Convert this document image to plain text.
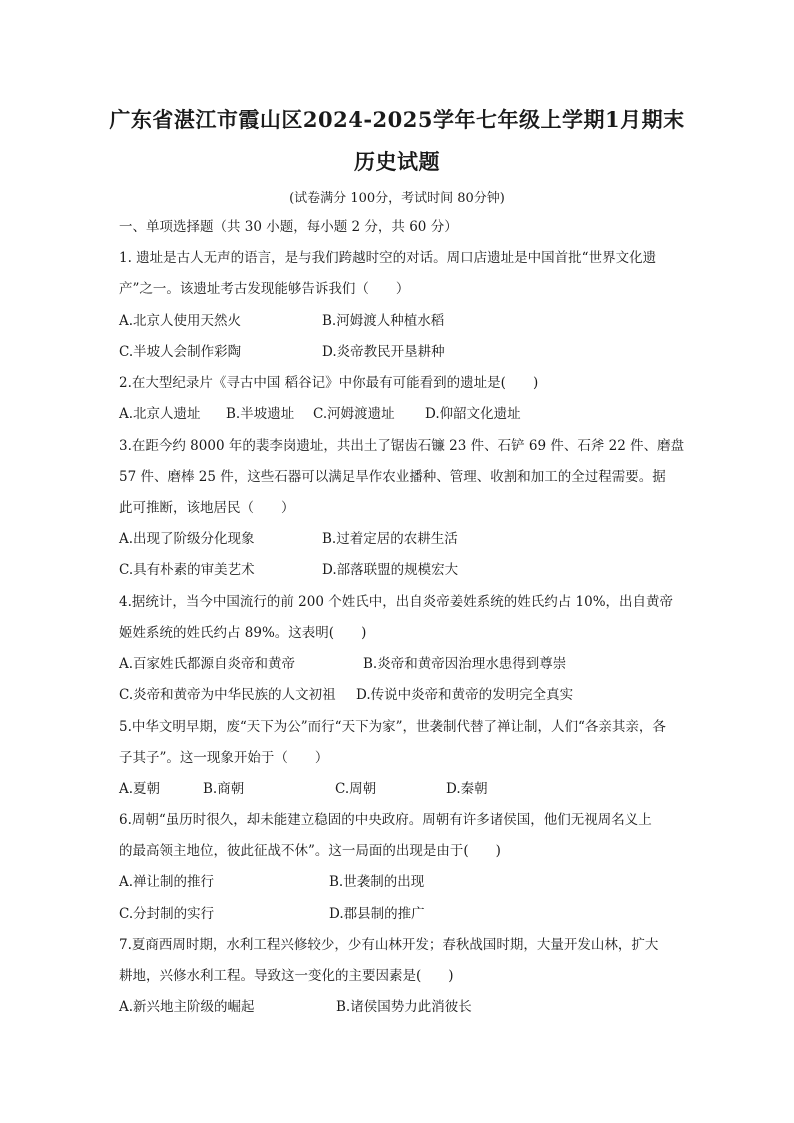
广东省湛江市霞山区2024-2025学年七年级上学期1月期末
历史试题
(试卷满分 100分，考试时间 80分钟)
一、单项选择题（共 30 小题，每小题 2 分，共 60 分）
1. 遗址是古人无声的语言，是与我们跨越时空的对话。周口店遗址是中国首批“世界文化遗
产”之一。该遗址考古发现能够告诉我们（　　）
A.北京人使用天然火	B.河姆渡人种植水稻
C.半坡人会制作彩陶	D.炎帝教民开垦耕种
2.在大型纪录片《寻古中国 稻谷记》中你最有可能看到的遗址是(　　)
A.北京人遗址 B.半坡遗址 C.河姆渡遗址 D.仰韶文化遗址
3.在距今约 8000 年的裴李岗遗址，共出土了锯齿石镰 23 件、石铲 69 件、石斧 22 件、磨盘
57 件、磨棒 25 件，这些石器可以满足旱作农业播种、管理、收割和加工的全过程需要。据
此可推断，该地居民（　　）
A.出现了阶级分化现象	B.过着定居的农耕生活
C.具有朴素的审美艺术	D.部落联盟的规模宏大
4.据统计，当今中国流行的前 200 个姓氏中，出自炎帝姜姓系统的姓氏约占 10%，出自黄帝
姬姓系统的姓氏约占 89%。这表明(　　)
A.百家姓氏都源自炎帝和黄帝	B.炎帝和黄帝因治理水患得到尊崇
C.炎帝和黄帝为中华民族的人文初祖 D.传说中炎帝和黄帝的发明完全真实
5.中华文明早期，废“天下为公”而行“天下为家”，世袭制代替了禅让制，人们“各亲其亲，各
子其子”。这一现象开始于（　　）
A.夏朝	B.商朝	C.周朝	D.秦朝
6.周朝“虽历时很久，却未能建立稳固的中央政府。周朝有许多诸侯国，他们无视周名义上
的最高领主地位，彼此征战不休”。这一局面的出现是由于(　　)
A.禅让制的推行	B.世袭制的出现
C.分封制的实行	D.郡县制的推广
7.夏商西周时期，水利工程兴修较少，少有山林开发；春秋战国时期，大量开发山林，扩大
耕地，兴修水利工程。导致这一变化的主要因素是(　　)
A.新兴地主阶级的崛起	B.诸侯国势力此消彼长
